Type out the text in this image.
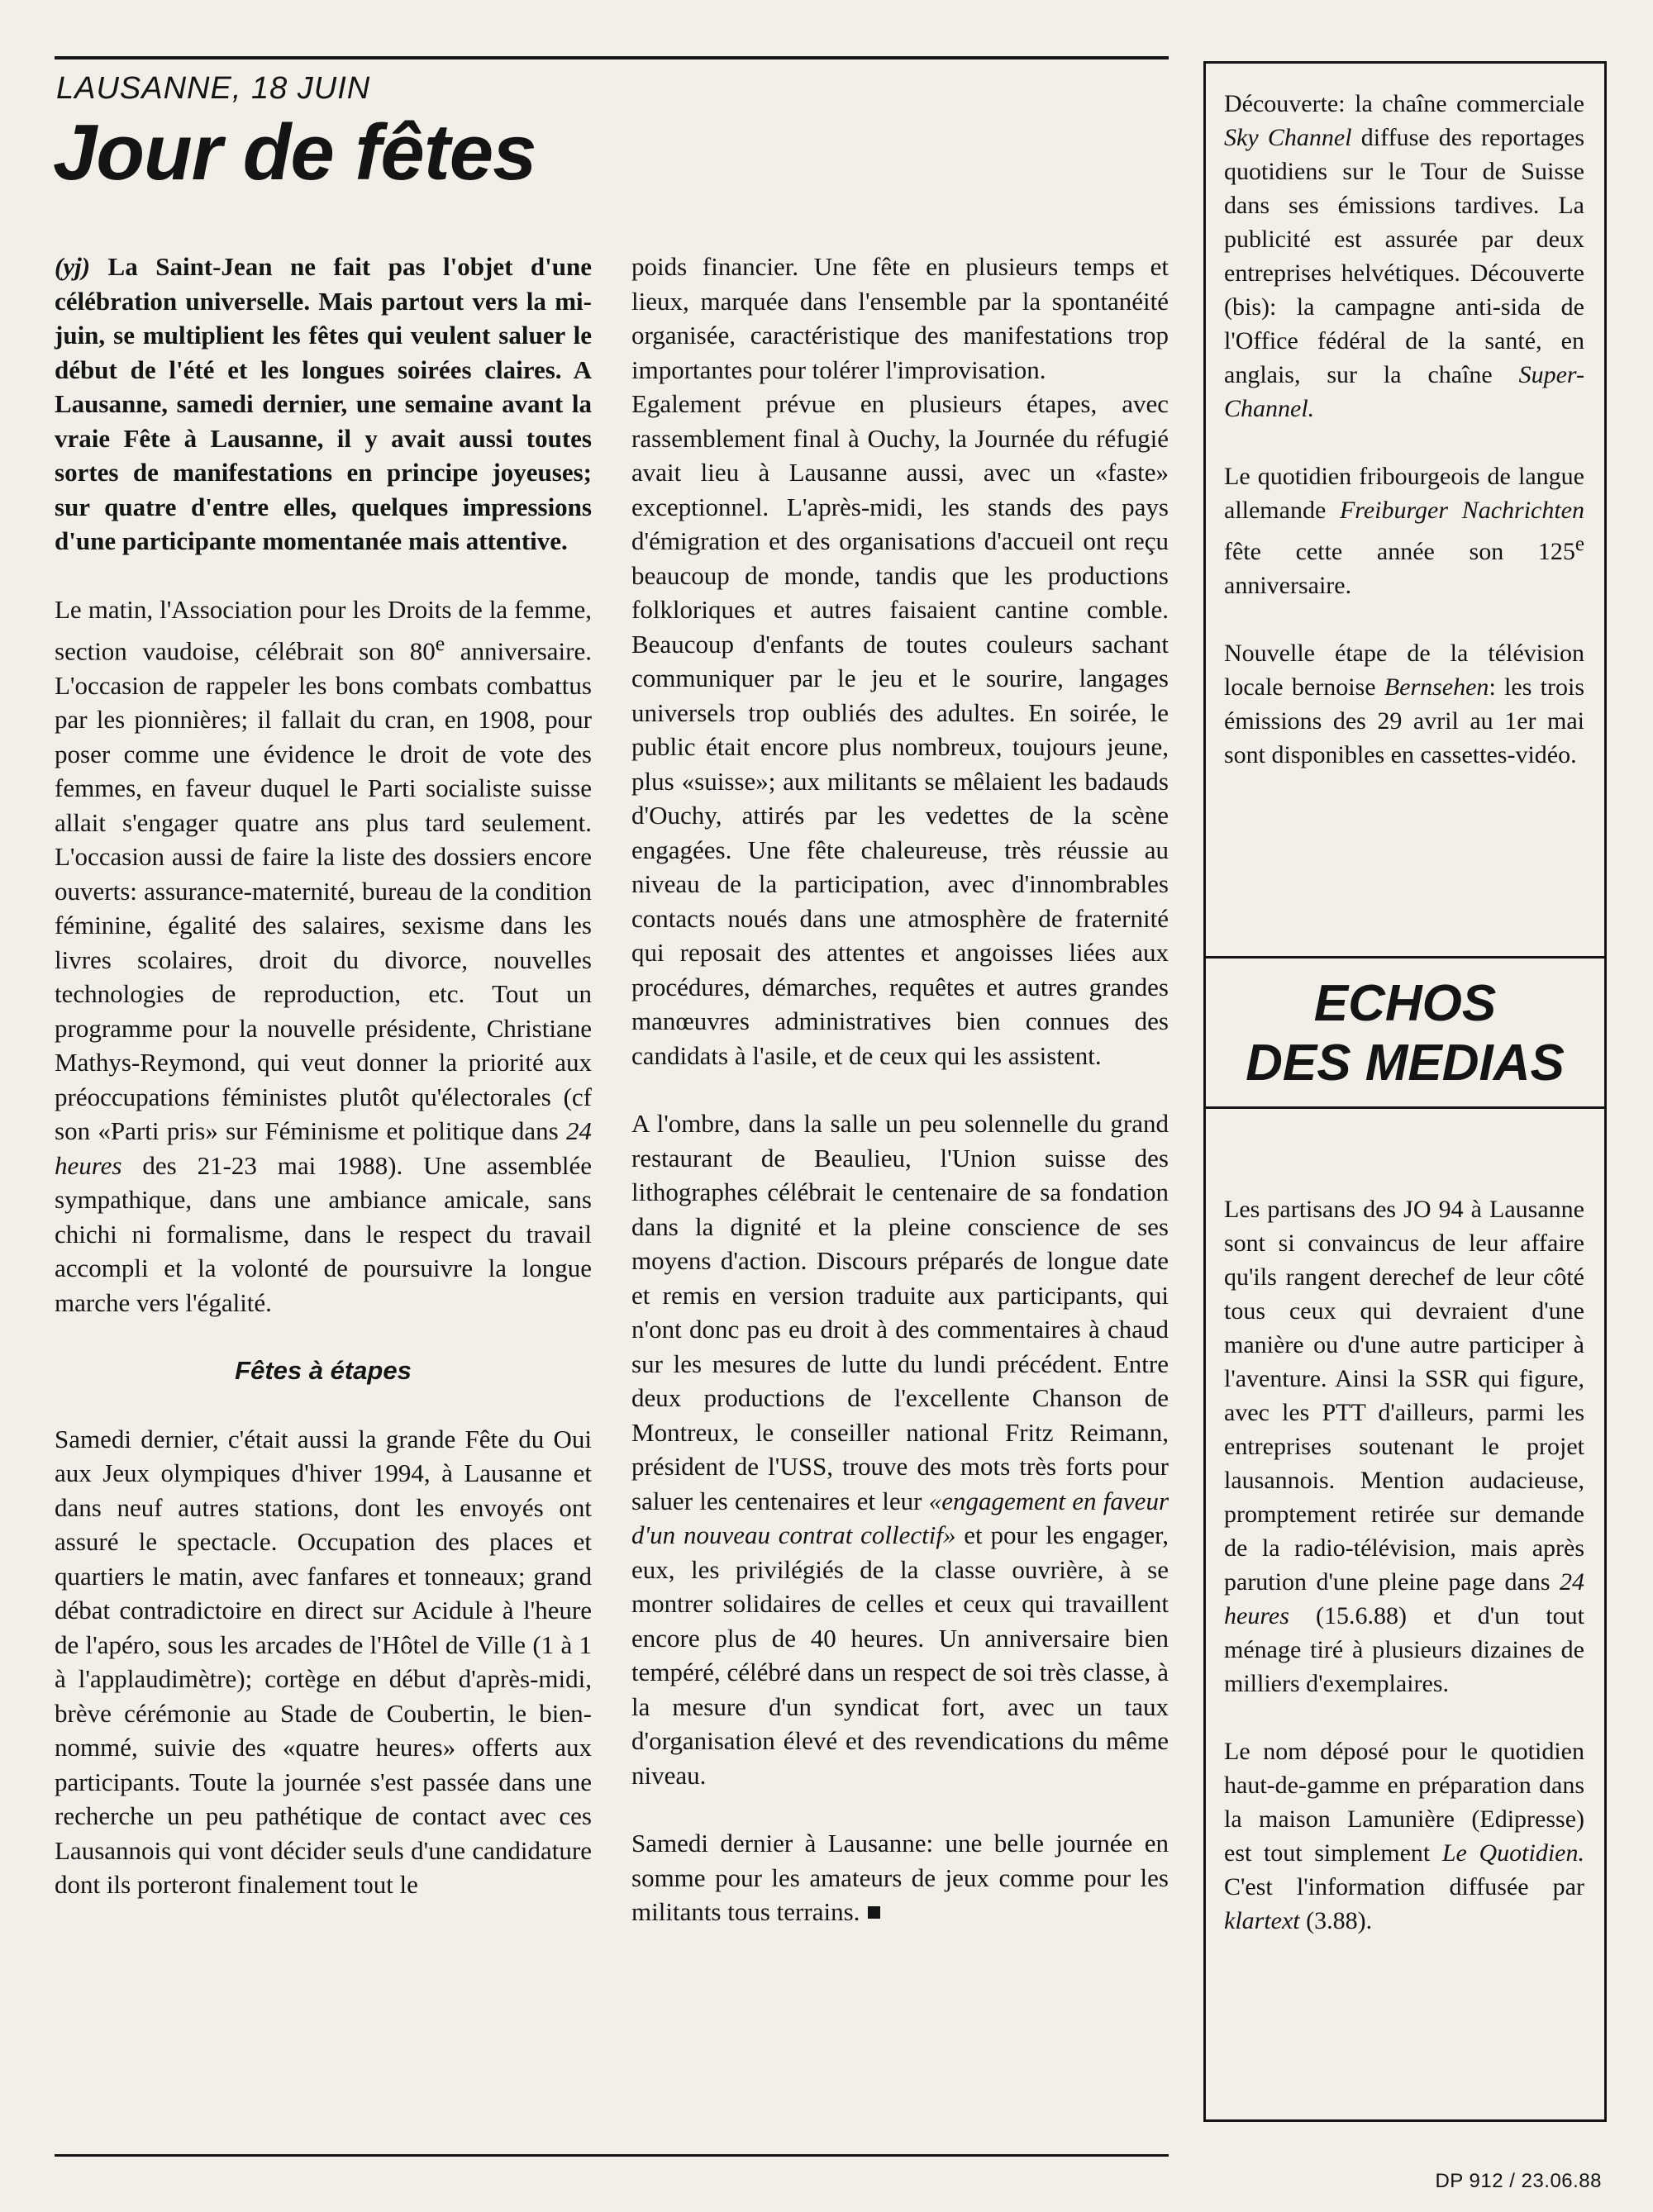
LAUSANNE, 18 JUIN
Jour de fêtes

(yj) La Saint-Jean ne fait pas l'objet d'une célébration universelle. Mais partout vers la mi-juin, se multiplient les fêtes qui veulent saluer le début de l'été et les longues soirées claires. A Lausanne, samedi dernier, une semaine avant la vraie Fête à Lausanne, il y avait aussi toutes sortes de manifestations en principe joyeuses; sur quatre d'entre elles, quelques impressions d'une participante momentanée mais attentive.

Le matin, l'Association pour les Droits de la femme, section vaudoise, célébrait son 80e anniversaire. L'occasion de rappeler les bons combats combattus par les pionnières; il fallait du cran, en 1908, pour poser comme une évidence le droit de vote des femmes, en faveur duquel le Parti socialiste suisse allait s'engager quatre ans plus tard seulement. L'occasion aussi de faire la liste des dossiers encore ouverts: assurance-maternité, bureau de la condition féminine, égalité des salaires, sexisme dans les livres scolaires, droit du divorce, nouvelles technologies de reproduction, etc. Tout un programme pour la nouvelle présidente, Christiane Mathys-Reymond, qui veut donner la priorité aux préoccupations féministes plutôt qu'électorales (cf son «Parti pris» sur Féminisme et politique dans 24 heures des 21-23 mai 1988). Une assemblée sympathique, dans une ambiance amicale, sans chichi ni formalisme, dans le respect du travail accompli et la volonté de poursuivre la longue marche vers l'égalité.

Fêtes à étapes

Samedi dernier, c'était aussi la grande Fête du Oui aux Jeux olympiques d'hiver 1994, à Lausanne et dans neuf autres stations, dont les envoyés ont assuré le spectacle. Occupation des places et quartiers le matin, avec fanfares et tonneaux; grand débat contradictoire en direct sur Acidule à l'heure de l'apéro, sous les arcades de l'Hôtel de Ville (1 à 1 à l'applaudimètre); cortège en début d'après-midi, brève cérémonie au Stade de Coubertin, le bien-nommé, suivie des «quatre heures» offerts aux participants. Toute la journée s'est passée dans une recherche un peu pathétique de contact avec ces Lausannois qui vont décider seuls d'une candidature dont ils porteront finalement tout le

poids financier. Une fête en plusieurs temps et lieux, marquée dans l'ensemble par la spontanéité organisée, caractéristique des manifestations trop importantes pour tolérer l'improvisation.

Egalement prévue en plusieurs étapes, avec rassemblement final à Ouchy, la Journée du réfugié avait lieu à Lausanne aussi, avec un «faste» exceptionnel. L'après-midi, les stands des pays d'émigration et des organisations d'accueil ont reçu beaucoup de monde, tandis que les productions folkloriques et autres faisaient cantine comble. Beaucoup d'enfants de toutes couleurs sachant communiquer par le jeu et le sourire, langages universels trop oubliés des adultes. En soirée, le public était encore plus nombreux, toujours jeune, plus «suisse»; aux militants se mêlaient les badauds d'Ouchy, attirés par les vedettes de la scène engagées. Une fête chaleureuse, très réussie au niveau de la participation, avec d'innombrables contacts noués dans une atmosphère de fraternité qui reposait des attentes et angoisses liées aux procédures, démarches, requêtes et autres grandes manœuvres administratives bien connues des candidats à l'asile, et de ceux qui les assistent.

A l'ombre, dans la salle un peu solennelle du grand restaurant de Beaulieu, l'Union suisse des lithographes célébrait le centenaire de sa fondation dans la dignité et la pleine conscience de ses moyens d'action. Discours préparés de longue date et remis en version traduite aux participants, qui n'ont donc pas eu droit à des commentaires à chaud sur les mesures de lutte du lundi précédent. Entre deux productions de l'excellente Chanson de Montreux, le conseiller national Fritz Reimann, président de l'USS, trouve des mots très forts pour saluer les centenaires et leur «engagement en faveur d'un nouveau contrat collectif» et pour les engager, eux, les privilégiés de la classe ouvrière, à se montrer solidaires de celles et ceux qui travaillent encore plus de 40 heures. Un anniversaire bien tempéré, célébré dans un respect de soi très classe, à la mesure d'un syndicat fort, avec un taux d'organisation élevé et des revendications du même niveau.

Samedi dernier à Lausanne: une belle journée en somme pour les amateurs de jeux comme pour les militants tous terrains.

Découverte: la chaîne commerciale Sky Channel diffuse des reportages quotidiens sur le Tour de Suisse dans ses émissions tardives. La publicité est assurée par deux entreprises helvétiques. Découverte (bis): la campagne anti-sida de l'Office fédéral de la santé, en anglais, sur la chaîne Super-Channel.

Le quotidien fribourgeois de langue allemande Freiburger Nachrichten fête cette année son 125e anniversaire.

Nouvelle étape de la télévision locale bernoise Bernsehen: les trois émissions des 29 avril au 1er mai sont disponibles en cassettes-vidéo.

ECHOS
DES MEDIAS

Les partisans des JO 94 à Lausanne sont si convaincus de leur affaire qu'ils rangent derechef de leur côté tous ceux qui devraient d'une manière ou d'une autre participer à l'aventure. Ainsi la SSR qui figure, avec les PTT d'ailleurs, parmi les entreprises soutenant le projet lausannois. Mention audacieuse, promptement retirée sur demande de la radio-télévision, mais après parution d'une pleine page dans 24 heures (15.6.88) et d'un tout ménage tiré à plusieurs dizaines de milliers d'exemplaires.

Le nom déposé pour le quotidien haut-de-gamme en préparation dans la maison Lamunière (Edipresse) est tout simplement Le Quotidien. C'est l'information diffusée par klartext (3.88).

DP 912 / 23.06.88
